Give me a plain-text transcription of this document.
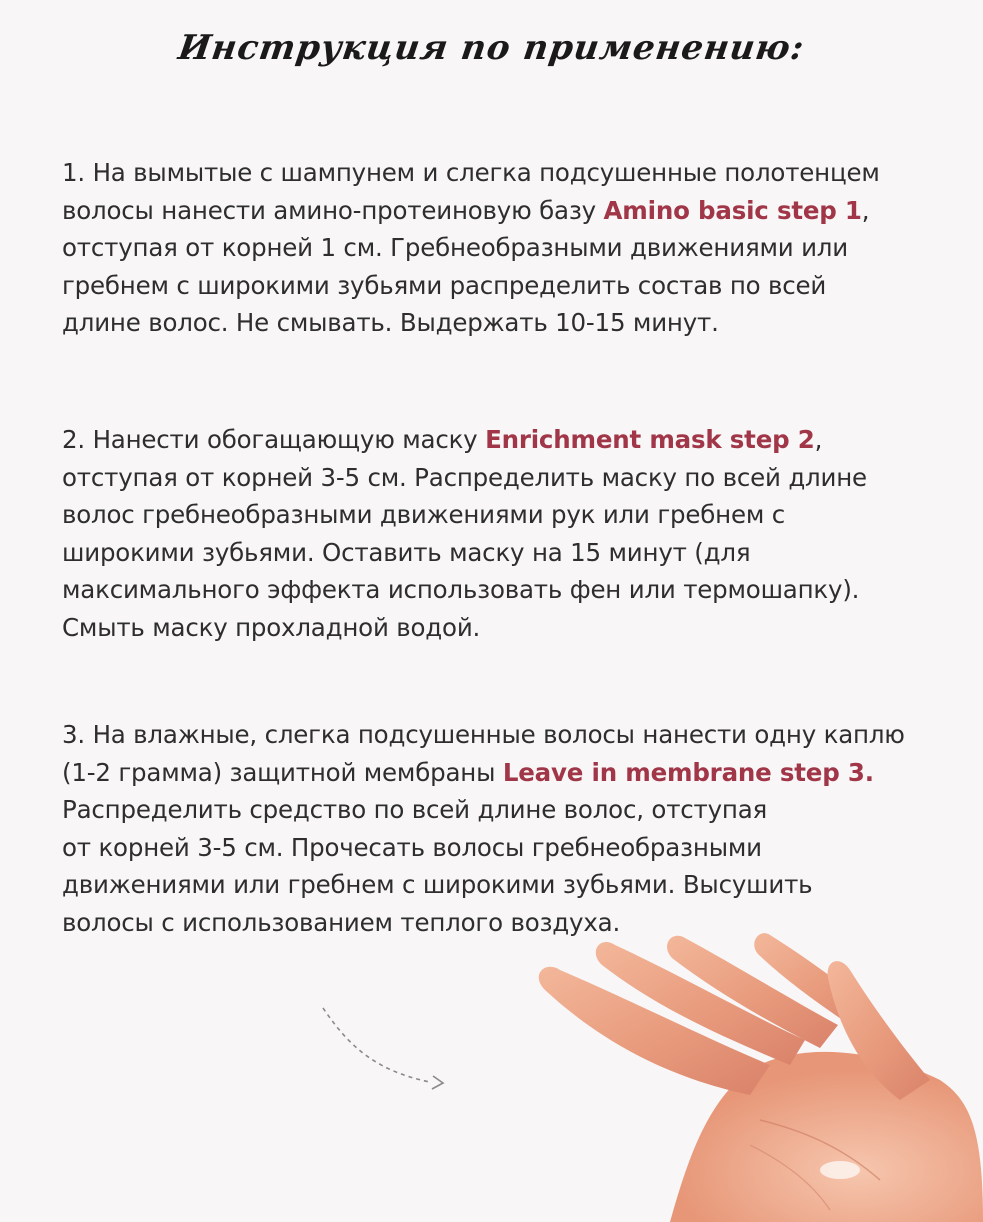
Инструкция по применению:
1. На вымытые с шампунем и слегка подсушенные полотенцем
волосы нанести амино-протеиновую базу Amino basic step 1,
отступая от корней 1 см. Гребнеобразными движениями или
гребнем с широкими зубьями распределить состав по всей
длине волос. Не смывать. Выдержать 10-15 минут.
2. Нанести обогащающую маску Enrichment mask step 2,
отступая от корней 3-5 см. Распределить маску по всей длине
волос гребнеобразными движениями рук или гребнем с
широкими зубьями. Оставить маску на 15 минут (для
максимального эффекта использовать фен или термошапку).
Смыть маску прохладной водой.
3. На влажные, слегка подсушенные волосы нанести одну каплю
(1-2 грамма) защитной мембраны Leave in membrane step 3.
Распределить средство по всей длине волос, отступая
от корней 3-5 см. Прочесать волосы гребнеобразными
движениями или гребнем с широкими зубьями. Высушить
волосы с использованием теплого воздуха.
